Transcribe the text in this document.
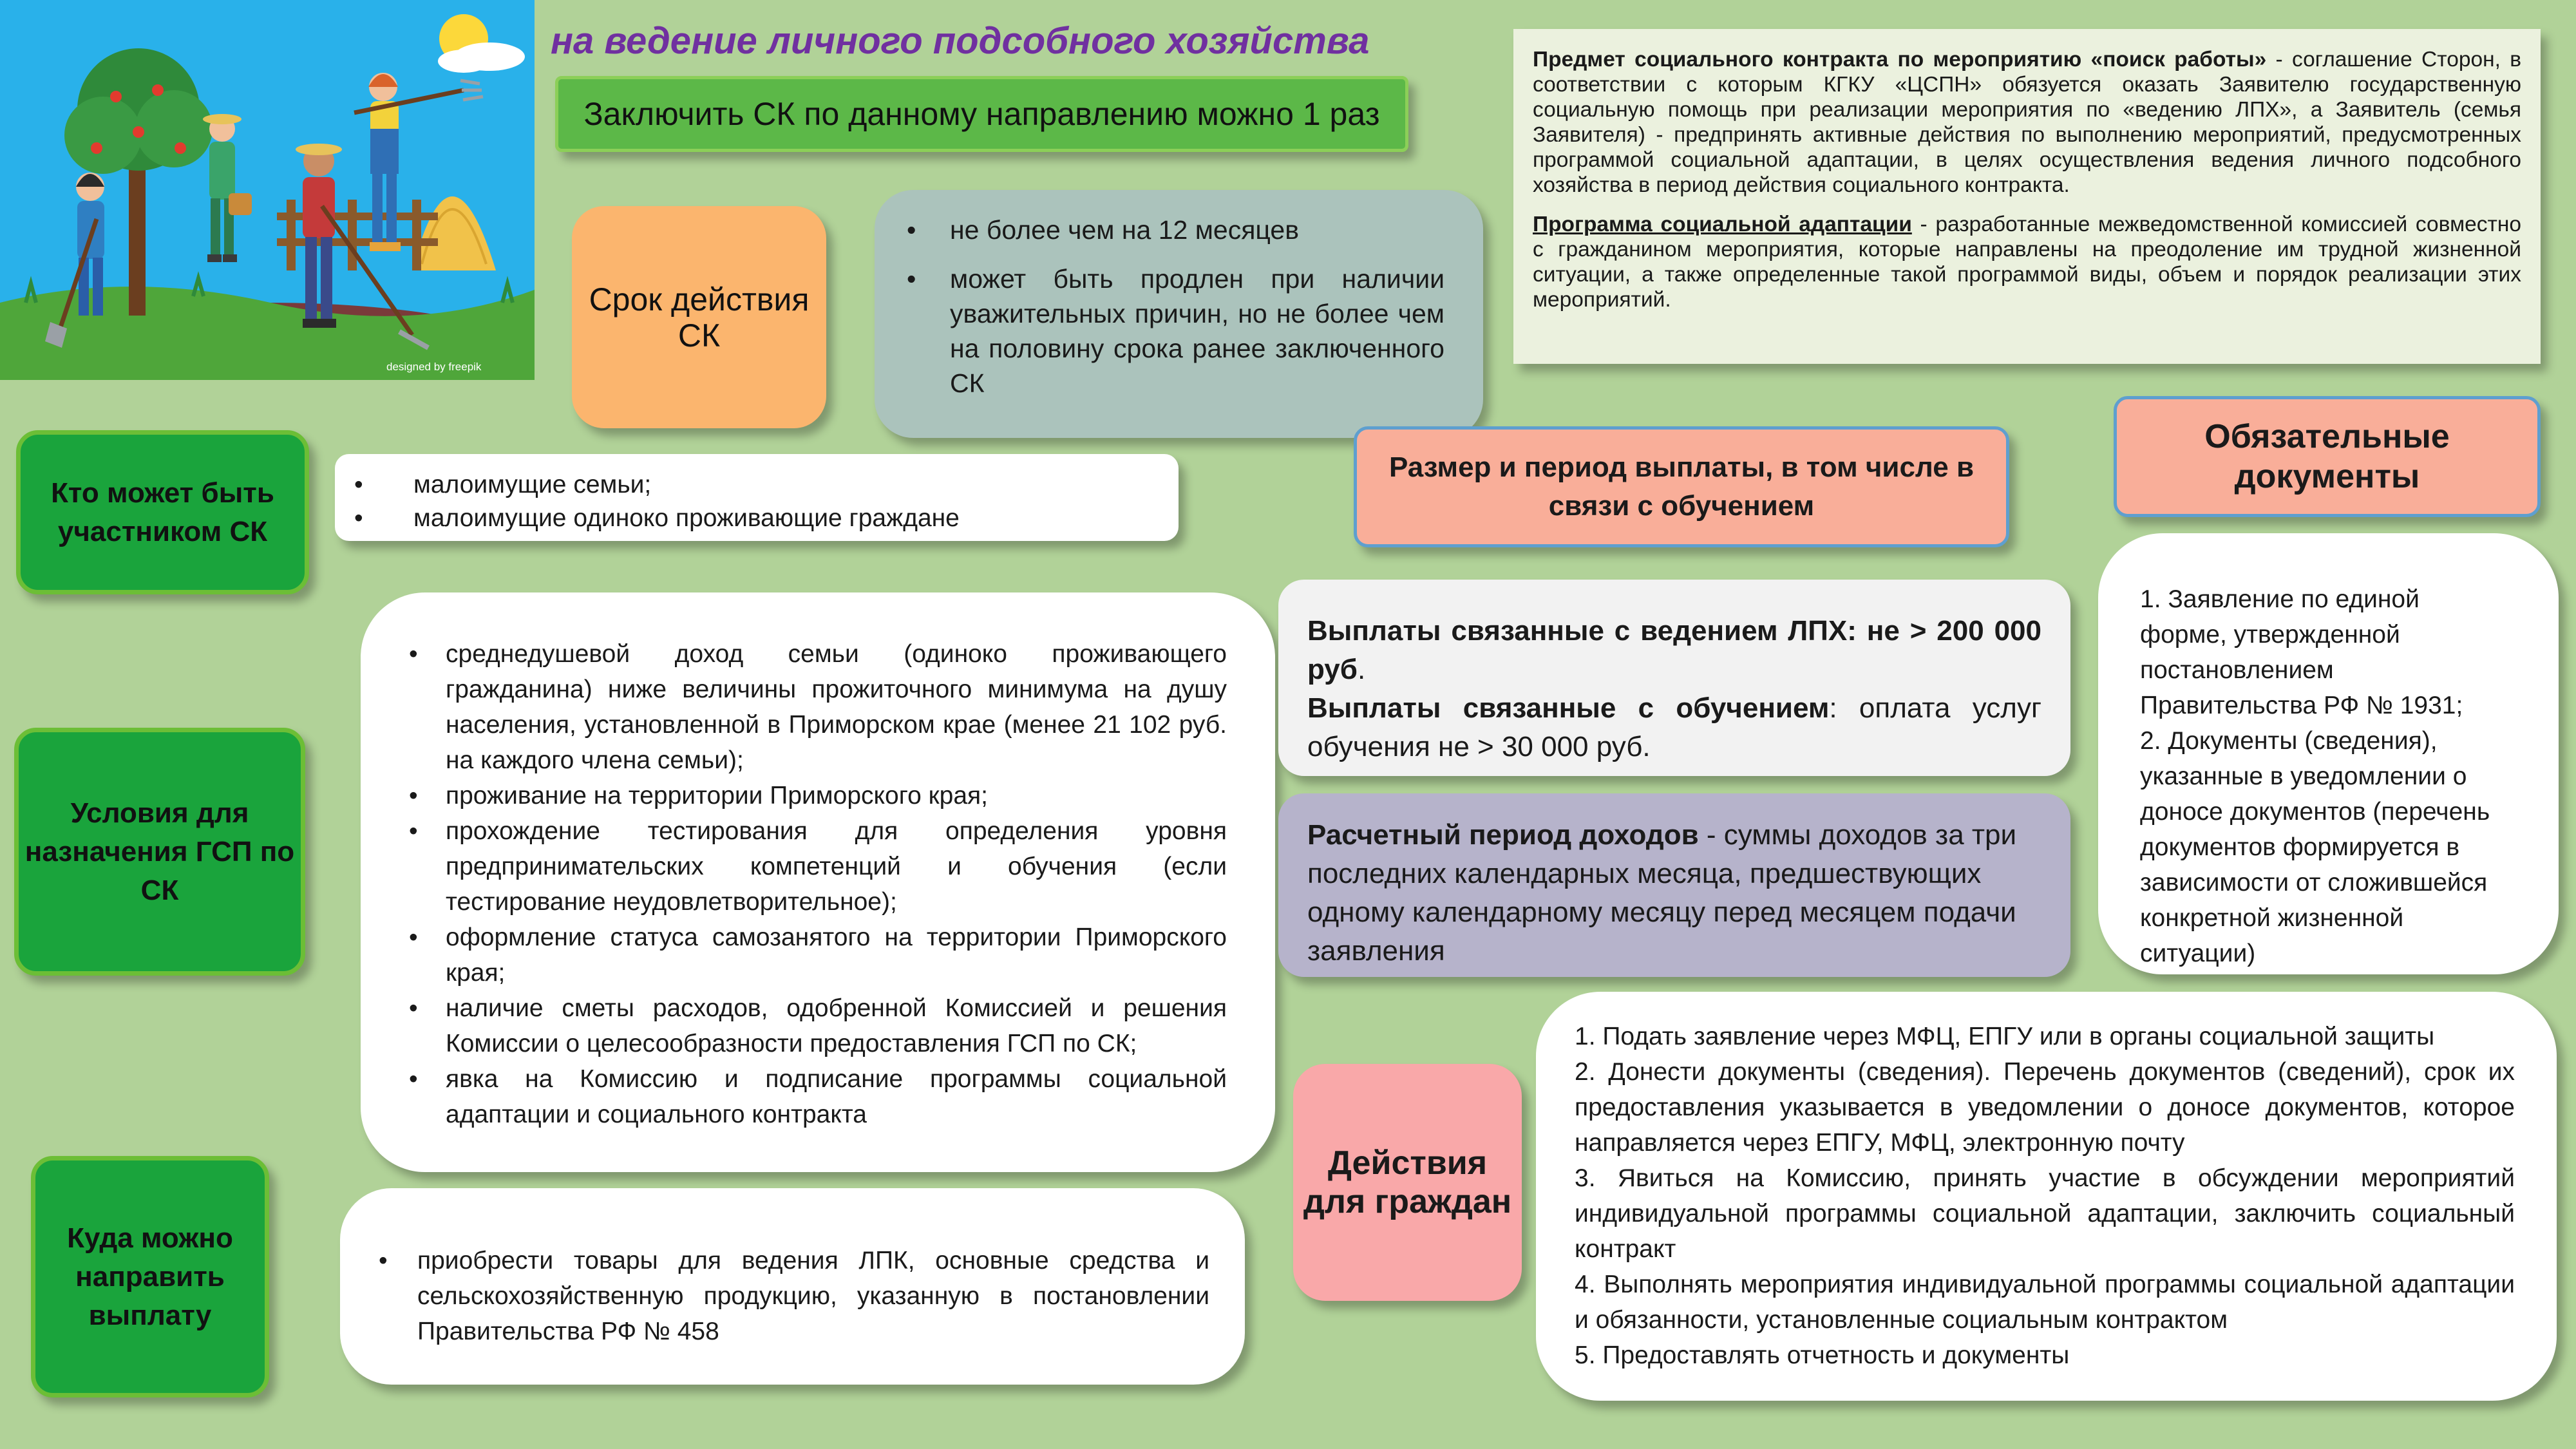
designed by freepik
на ведение личного подсобного хозяйства
Заключить СК по данному направлению можно 1 раз

Предмет социального контракта по мероприятию «поиск работы» - соглашение Сторон, в соответствии с которым КГКУ «ЦСПН» обязуется оказать Заявителю государственную социальную помощь при реализации мероприятия по «ведению ЛПХ», а Заявитель (семья Заявителя) - предпринять активные действия по выполнению мероприятий, предусмотренных программой социальной адаптации, в целях осуществления ведения личного подсобного хозяйства в период действия социального контракта.

Программа социальной адаптации - разработанные межведомственной комиссией совместно с гражданином мероприятия, которые направлены на преодоление им трудной жизненной ситуации, а также определенные такой программой виды, объем и порядок реализации этих мероприятий.

Срок действия СК
• не более чем на 12 месяцев
• может быть продлен при наличии уважительных причин, но не более чем на половину срока ранее заключенного СК
Кто может быть участником СК
• малоимущие семьи;
• малоимущие одиноко проживающие граждане
Условия для назначения ГСП по СК
• среднедушевой доход семьи (одиноко проживающего гражданина) ниже величины прожиточного минимума на душу населения, установленной в Приморском крае (менее 21 102 руб. на каждого члена семьи);
• проживание на территории Приморского края;
• прохождение тестирования для определения уровня предпринимательских компетенций и обучения (если тестирование неудовлетворительное);
• оформление статуса самозанятого на территории Приморского края;
• наличие сметы расходов, одобренной Комиссией и решения Комиссии о целесообразности предоставления ГСП по СК;
• явка на Комиссию и подписание программы социальной адаптации и социального контракта
Куда можно направить выплату
• приобрести товары для ведения ЛПК, основные средства и сельскохозяйственную продукцию, указанную в постановлении Правительства РФ № 458
Размер и период выплаты, в том числе в связи с обучением
Выплаты связанные с ведением ЛПХ: не > 200 000 руб.
Выплаты связанные с обучением: оплата услуг обучения не > 30 000 руб.
Расчетный период доходов - суммы доходов за три последних календарных месяца, предшествующих одному календарному месяцу перед месяцем подачи заявления
Обязательные документы
1. Заявление по единой форме, утвержденной постановлением Правительства РФ № 1931;
2. Документы (сведения), указанные в уведомлении о доносе документов (перечень документов формируется в зависимости от сложившейся конкретной жизненной ситуации)
Действия для граждан

1. Подать заявление через МФЦ, ЕПГУ или в органы социальной защиты

2. Донести документы (сведения). Перечень документов (сведений), срок их предоставления указывается в уведомлении о доносе документов, которое направляется через ЕПГУ, МФЦ, электронную почту

3. Явиться на Комиссию, принять участие в обсуждении мероприятий индивидуальной программы социальной адаптации, заключить социальный контракт

4. Выполнять мероприятия индивидуальной программы социальной адаптации и обязанности, установленные социальным контрактом

5. Предоставлять отчетность и документы
